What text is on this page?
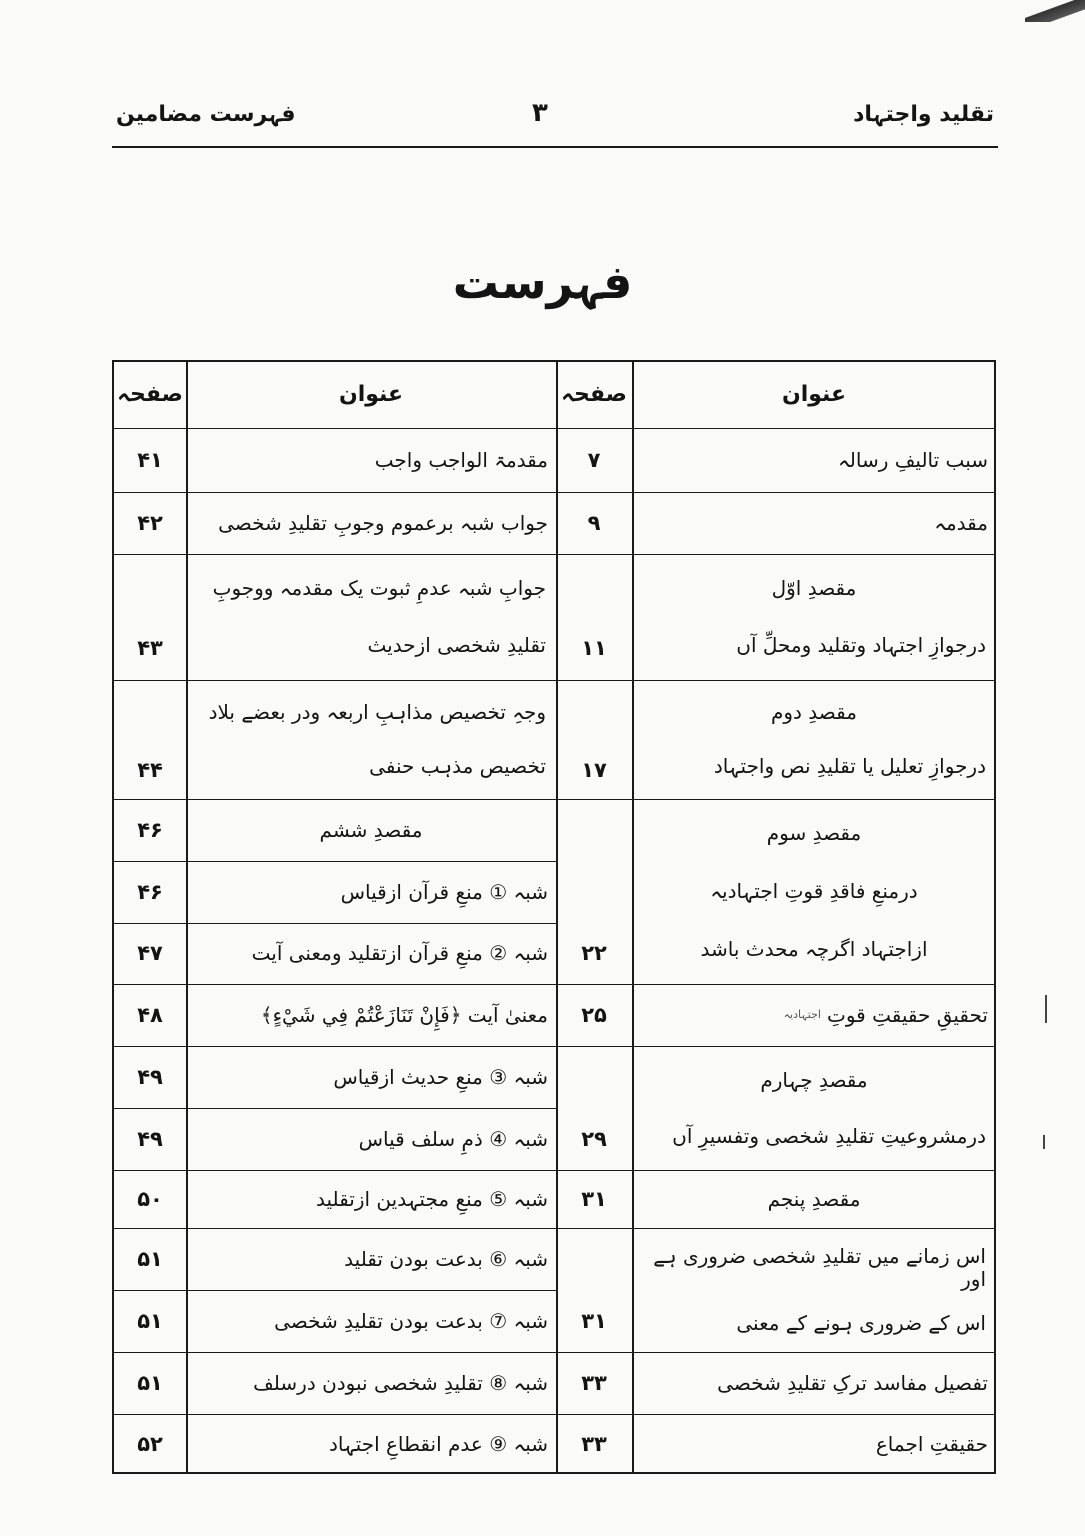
تقلید واجتہاد
۳
فہرست مضامین
فہرست
عنوان
صفحہ
عنوان
صفحہ
سبب تالیفِ رسالہ
۷
مقدمہ
۹
مقصدِ اوّل
درجوازِ اجتہاد وتقلید ومحلِّ آں
۱۱
مقصدِ دوم
درجوازِ تعلیل یا تقلیدِ نص واجتہاد
۱۷
مقصدِ سوم
درمنعِ فاقدِ قوتِ اجتہادیہ
ازاجتہاد اگرچہ محدث باشد
۲۲
تحقیقِ حقیقتِ قوتِ
اجتہادیہ
۲۵
مقصدِ چہارم
درمشروعیتِ تقلیدِ شخصی وتفسیرِ آں
۲۹
مقصدِ پنجم
۳۱
اس زمانے میں تقلیدِ شخصی ضروری ہے اور
اس کے ضروری ہونے کے معنی
۳۱
تفصیل مفاسد ترکِ تقلیدِ شخصی
۳۳
حقیقتِ اجماع
۳۳
مقدمۃ الواجب واجب
۴۱
جواب شبہ برعموم وجوبِ تقلیدِ شخصی
۴۲
جوابِ شبہ عدمِ ثبوت یک مقدمہ ووجوبِ
تقلیدِ شخصی ازحدیث
۴۳
وجہِ تخصیص مذاہبِ اربعہ ودر بعضے بلاد
تخصیص مذہب حنفی
۴۴
مقصدِ ششم
۴۶
شبہ ① منعِ قرآن ازقیاس
۴۶
شبہ ② منعِ قرآن ازتقلید ومعنی آیت
۴۷
معنیٰ آیت ﴿فَإِنْ تَنَازَعْتُمْ فِي شَيْءٍ﴾
۴۸
شبہ ③ منعِ حدیث ازقیاس
۴۹
شبہ ④ ذمِ سلف قیاس
۴۹
شبہ ⑤ منعِ مجتہدین ازتقلید
۵۰
شبہ ⑥ بدعت بودن تقلید
۵۱
شبہ ⑦ بدعت بودن تقلیدِ شخصی
۵۱
شبہ ⑧ تقلیدِ شخصی نبودن درسلف
۵۱
شبہ ⑨ عدم انقطاعِ اجتہاد
۵۲
